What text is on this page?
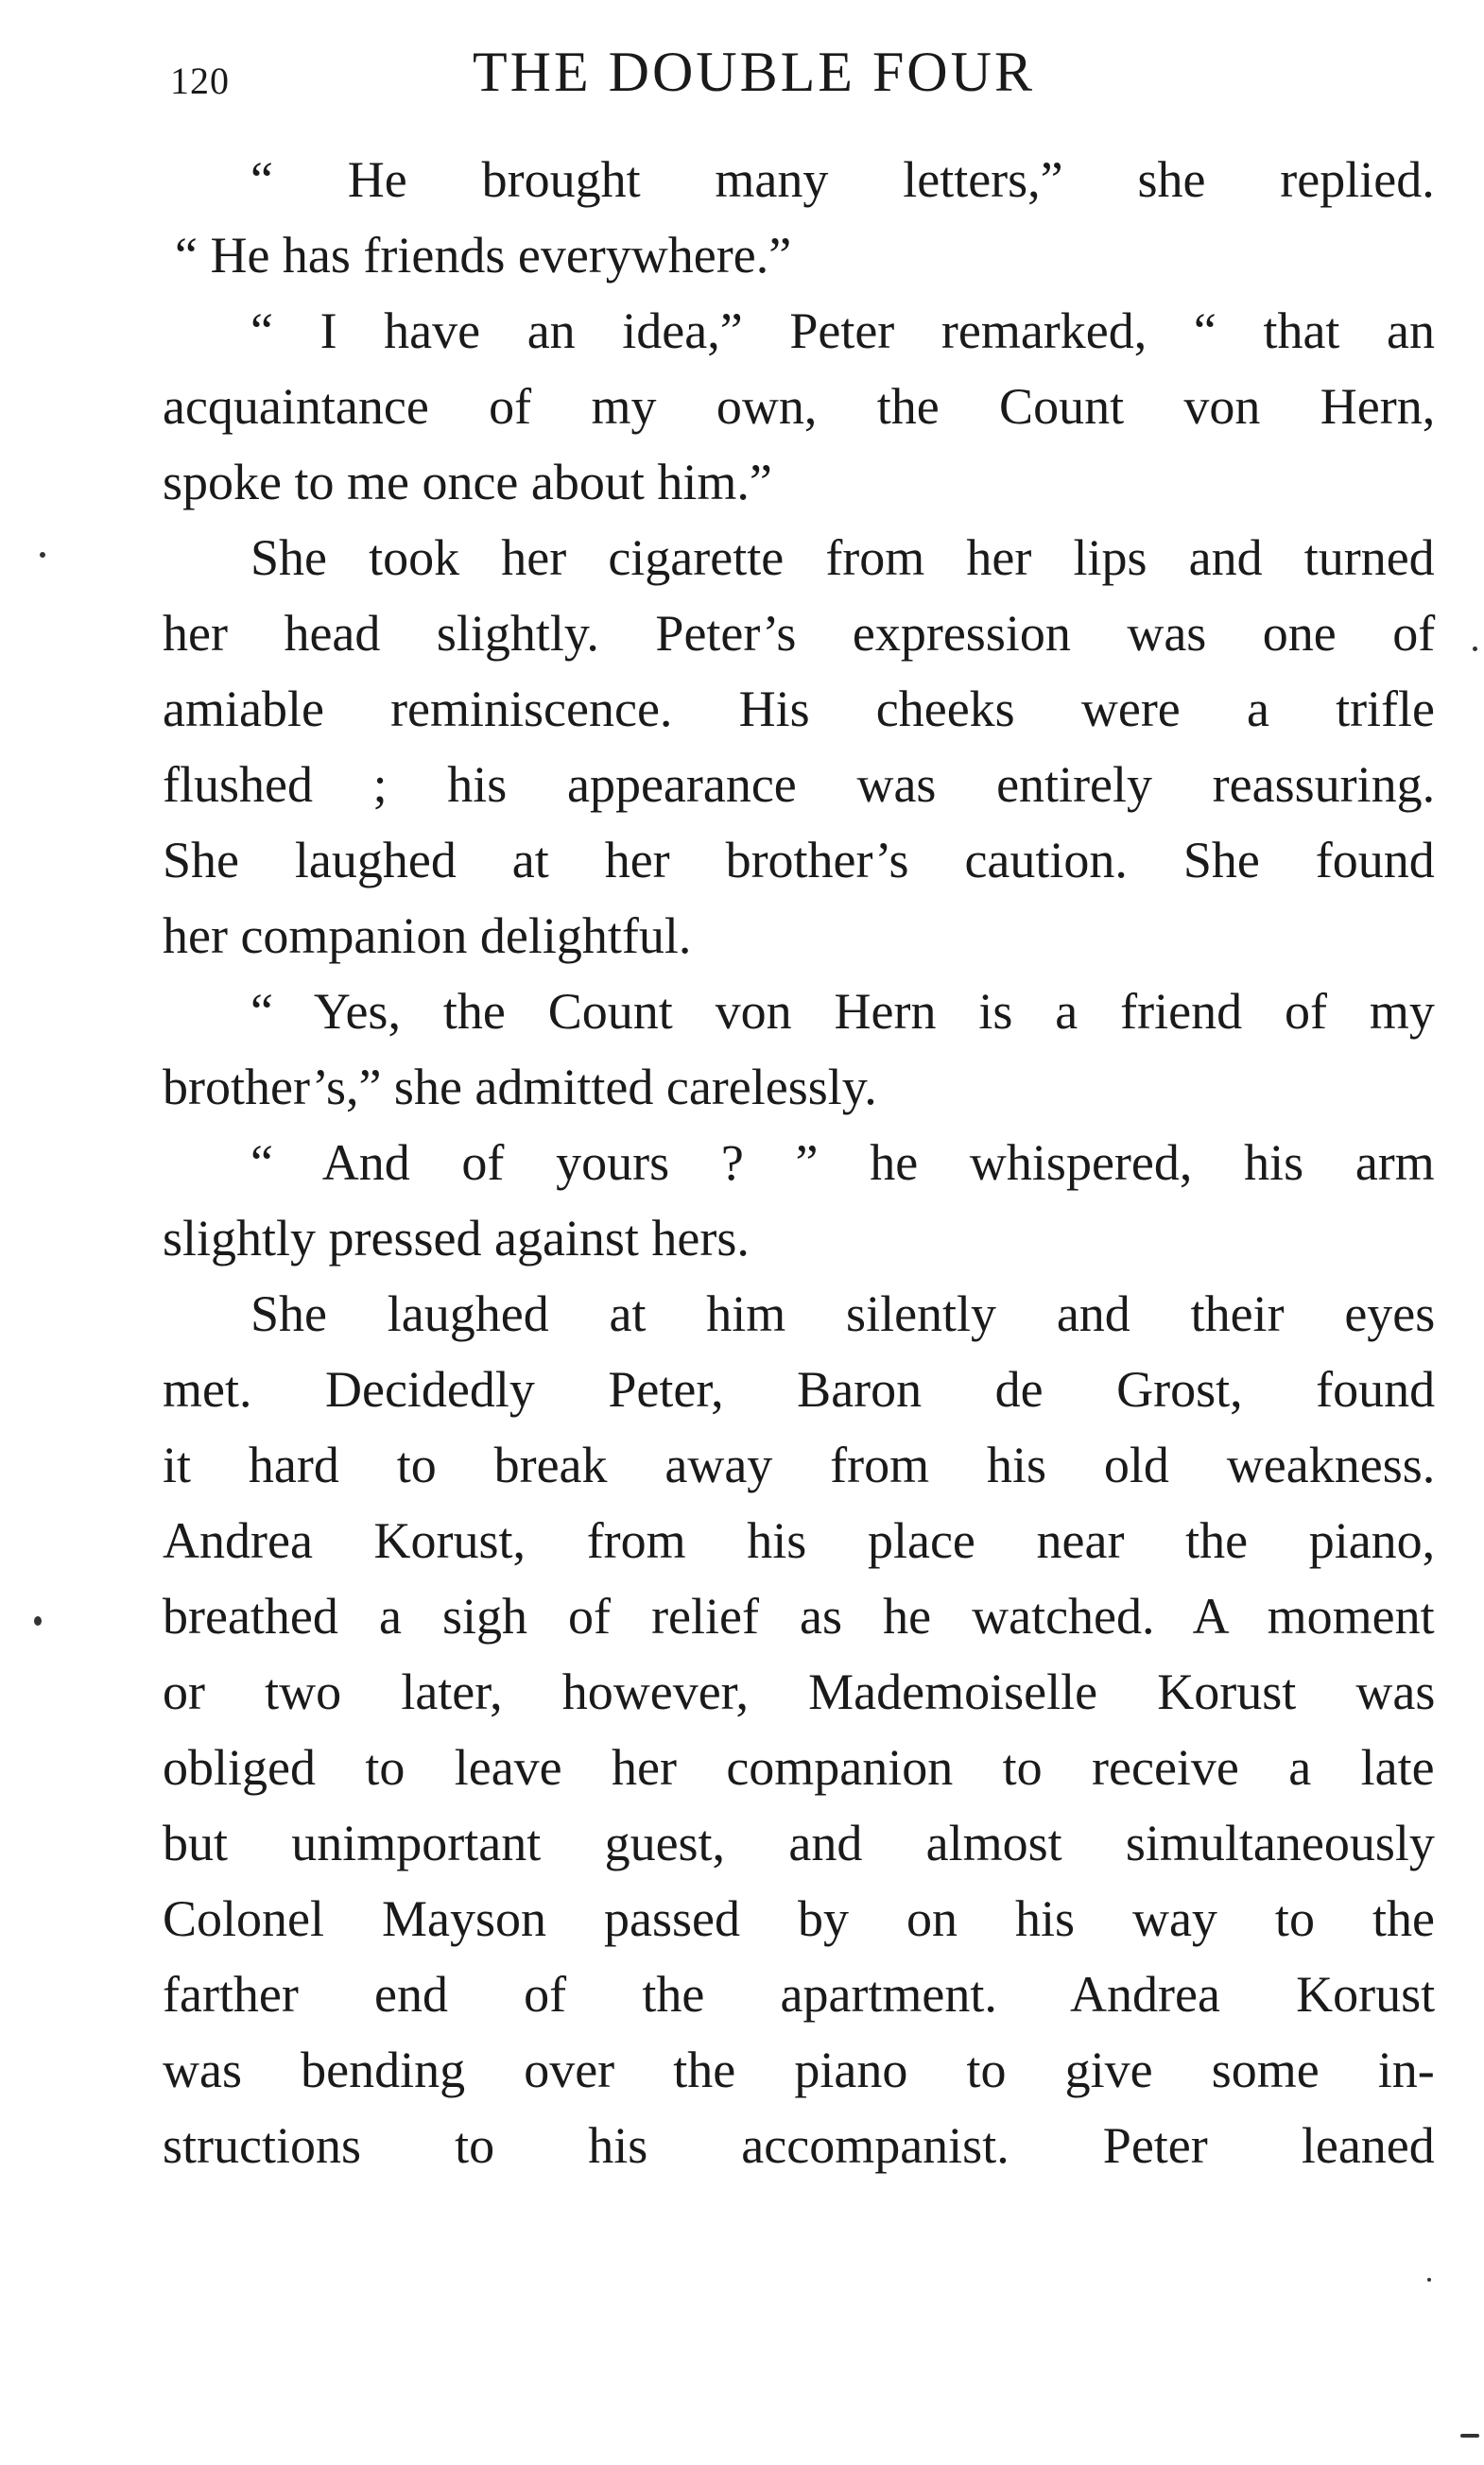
120	THE DOUBLE FOUR
“ He brought many letters,” she replied.
“ He has friends everywhere.”
“ I have an idea,” Peter remarked, “ that an
acquaintance of my own, the Count von Hern,
spoke to me once about him.”
She took her cigarette from her lips and turned
her head slightly. Peter’s expression was one of
amiable reminiscence. His cheeks were a trifle
flushed ; his appearance was entirely reassuring.
She laughed at her brother’s caution. She found
her companion delightful.
“ Yes, the Count von Hern is a friend of my
brother’s,” she admitted carelessly.
“ And of yours ? ” he whispered, his arm
slightly pressed against hers.
She laughed at him silently and their eyes
met. Decidedly Peter, Baron de Grost, found
it hard to break away from his old weakness.
Andrea Korust, from his place near the piano,
breathed a sigh of relief as he watched. A moment
or two later, however, Mademoiselle Korust was
obliged to leave her companion to receive a late
but unimportant guest, and almost simultaneously
Colonel Mayson passed by on his way to the
farther end of the apartment. Andrea Korust
was bending over the piano to give some in-
structions to his accompanist. Peter leaned
